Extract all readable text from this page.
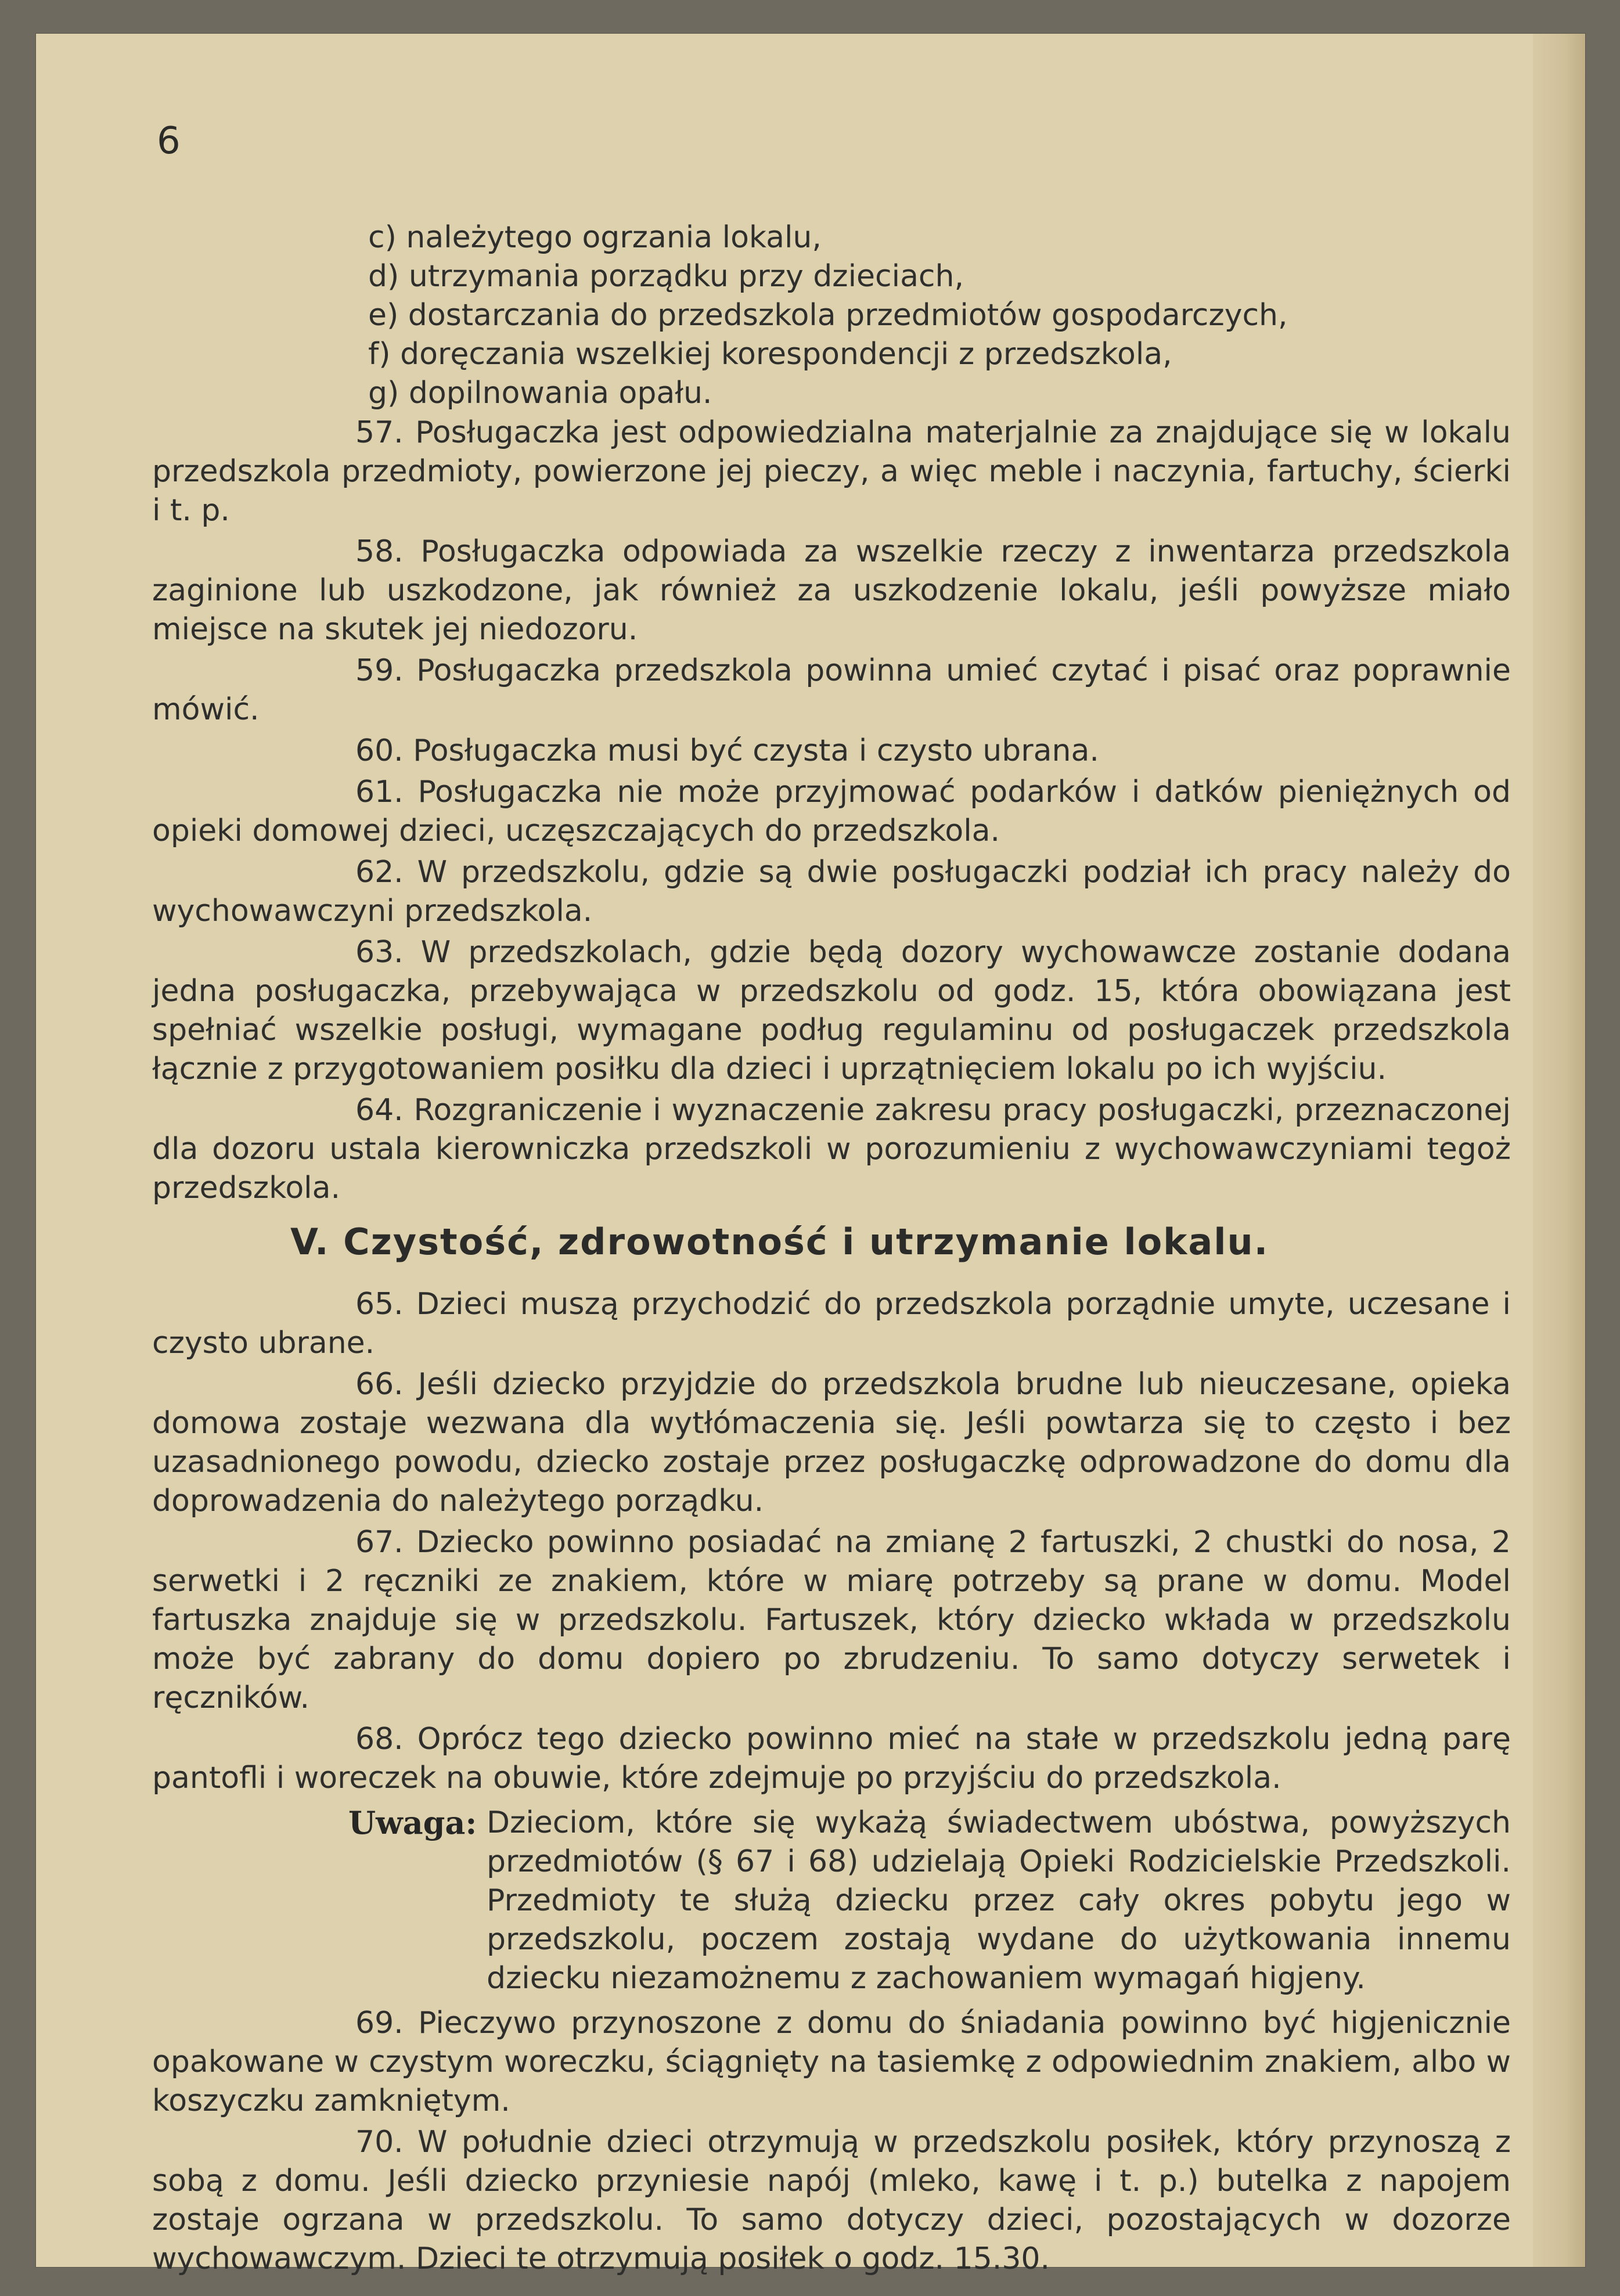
6

c) należytego ogrzania lokalu,

d) utrzymania porządku przy dzieciach,

e) dostarczania do przedszkola przedmiotów gospodarczych,

f) doręczania wszelkiej korespondencji z przedszkola,

g) dopilnowania opału.

57. Posługaczka jest odpowiedzialna materjalnie za znajdujące się w lokalu przedszkola przedmioty, powierzone jej pieczy, a więc meble i naczynia, fartuchy, ścierki i t. p.

58. Posługaczka odpowiada za wszelkie rzeczy z inwentarza przedszkola zaginione lub uszkodzone, jak również za uszkodzenie lokalu, jeśli powyższe miało miejsce na skutek jej niedozoru.

59. Posługaczka przedszkola powinna umieć czytać i pisać oraz poprawnie mówić.

60. Posługaczka musi być czysta i czysto ubrana.

61. Posługaczka nie może przyjmować podarków i datków pieniężnych od opieki domowej dzieci, uczęszczających do przedszkola.

62. W przedszkolu, gdzie są dwie posługaczki podział ich pracy należy do wychowawczyni przedszkola.

63. W przedszkolach, gdzie będą dozory wychowawcze zostanie dodana jedna posługaczka, przebywająca w przedszkolu od godz. 15, która obowiązana jest spełniać wszelkie posługi, wymagane podług regulaminu od posługaczek przedszkola łącznie z przygotowaniem posiłku dla dzieci i uprzątnięciem lokalu po ich wyjściu.

64. Rozgraniczenie i wyznaczenie zakresu pracy posługaczki, przeznaczonej dla dozoru ustala kierowniczka przedszkoli w porozumieniu z wychowawczyniami tegoż przedszkola.

V. Czystość, zdrowotność i utrzymanie lokalu.

65. Dzieci muszą przychodzić do przedszkola porządnie umyte, uczesane i czysto ubrane.

66. Jeśli dziecko przyjdzie do przedszkola brudne lub nieuczesane, opieka domowa zostaje wezwana dla wytłómaczenia się. Jeśli powtarza się to często i bez uzasadnionego powodu, dziecko zostaje przez posługaczkę odprowadzone do domu dla doprowadzenia do należytego porządku.

67. Dziecko powinno posiadać na zmianę 2 fartuszki, 2 chustki do nosa, 2 serwetki i 2 ręczniki ze znakiem, które w miarę potrzeby są prane w domu. Model fartuszka znajduje się w przedszkolu. Fartuszek, który dziecko wkłada w przedszkolu może być zabrany do domu dopiero po zbrudzeniu. To samo dotyczy serwetek i ręczników.

68. Oprócz tego dziecko powinno mieć na stałe w przedszkolu jedną parę pantofli i woreczek na obuwie, które zdejmuje po przyjściu do przedszkola.

Uwaga: Dzieciom, które się wykażą świadectwem ubóstwa, powyższych przedmiotów (§ 67 i 68) udzielają Opieki Rodzicielskie Przedszkoli. Przedmioty te służą dziecku przez cały okres pobytu jego w przedszkolu, poczem zostają wydane do użytkowania innemu dziecku niezamożnemu z zachowaniem wymagań higjeny.

69. Pieczywo przynoszone z domu do śniadania powinno być higjenicznie opakowane w czystym woreczku, ściągnięty na tasiemkę z odpowiednim znakiem, albo w koszyczku zamkniętym.

70. W południe dzieci otrzymują w przedszkolu posiłek, który przynoszą z sobą z domu. Jeśli dziecko przyniesie napój (mleko, kawę i t. p.) butelka z napojem zostaje ogrzana w przedszkolu. To samo dotyczy dzieci, pozostających w dozorze wychowawczym. Dzieci te otrzymują posiłek o godz. 15.30.
